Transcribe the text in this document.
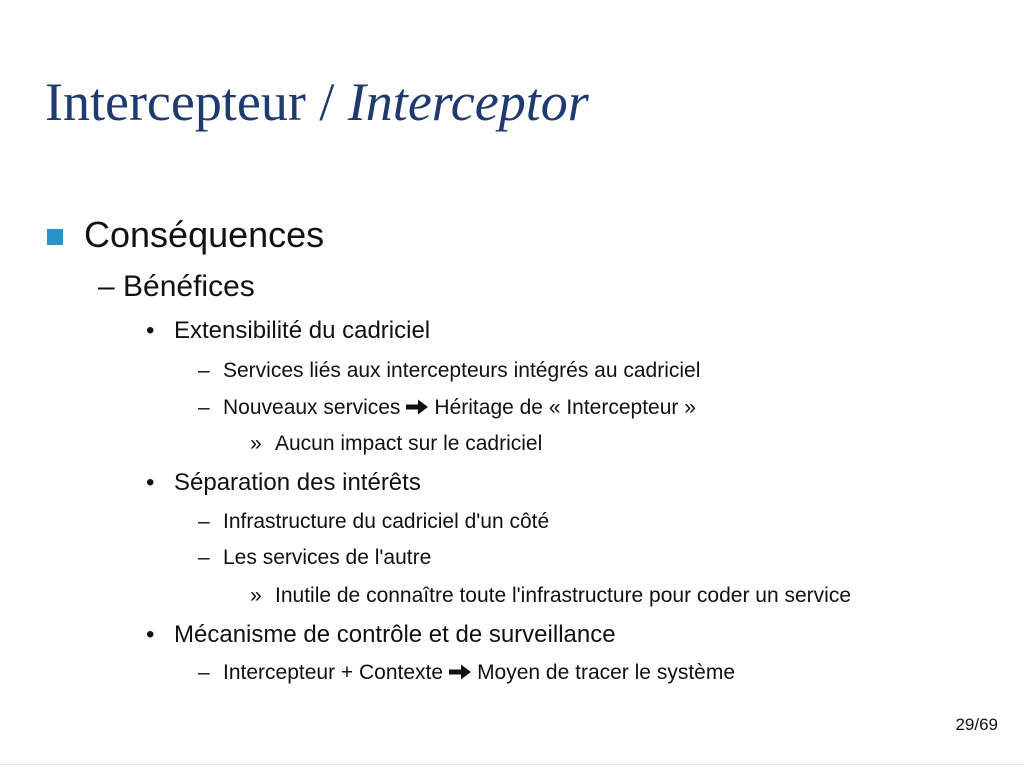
Intercepteur / Interceptor
Conséquences
– Bénéfices
• Extensibilité du cadriciel
– Services liés aux intercepteurs intégrés au cadriciel
– Nouveaux services Héritage de « Intercepteur »
» Aucun impact sur le cadriciel
• Séparation des intérêts
– Infrastructure du cadriciel d'un côté
– Les services de l'autre
» Inutile de connaître toute l'infrastructure pour coder un service
• Mécanisme de contrôle et de surveillance
– Intercepteur + Contexte Moyen de tracer le système
29/69
